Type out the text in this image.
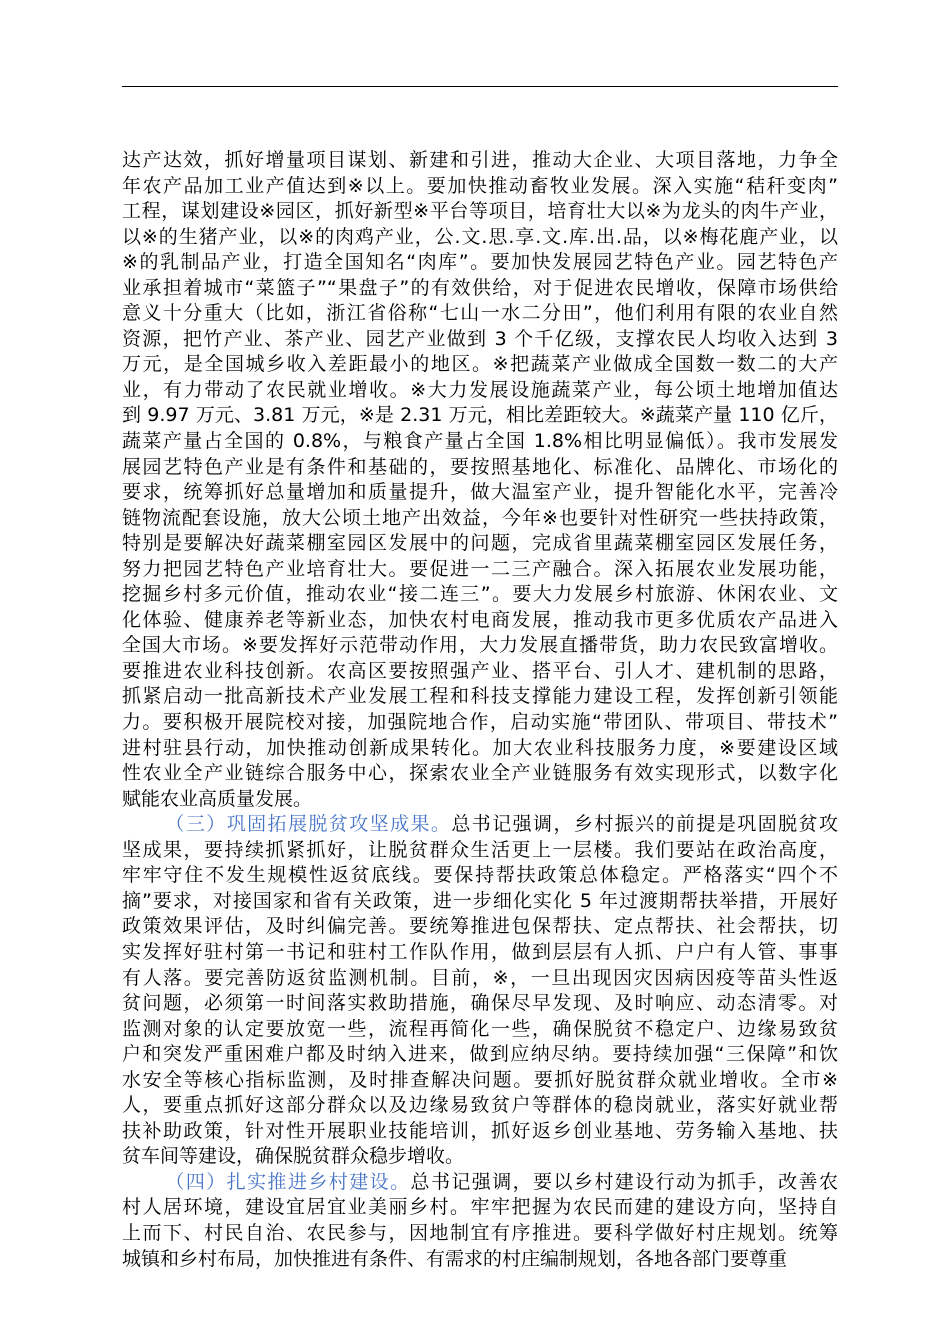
达产达效，抓好增量项目谋划、新建和引进，推动大企业、大项目落地，力争全
年农产品加工业产值达到※以上。要加快推动畜牧业发展。深入实施“秸秆变肉”
工程，谋划建设※园区，抓好新型※平台等项目，培育壮大以※为龙头的肉牛产业，
以※的生猪产业，以※的肉鸡产业，公.文.思.享.文.库.出.品，以※梅花鹿产业，以
※的乳制品产业，打造全国知名“肉库”。要加快发展园艺特色产业。园艺特色产
业承担着城市“菜篮子”“果盘子”的有效供给，对于促进农民增收，保障市场供给
意义十分重大（比如，浙江省俗称“七山一水二分田”，他们利用有限的农业自然
资源，把竹产业、茶产业、园艺产业做到 3 个千亿级，支撑农民人均收入达到 3
万元，是全国城乡收入差距最小的地区。※把蔬菜产业做成全国数一数二的大产
业，有力带动了农民就业增收。※大力发展设施蔬菜产业，每公顷土地增加值达
到 9.97 万元、3.81 万元，※是 2.31 万元，相比差距较大。※蔬菜产量 110 亿斤，
蔬菜产量占全国的 0.8%，与粮食产量占全国 1.8%相比明显偏低）。我市发展发
展园艺特色产业是有条件和基础的，要按照基地化、标准化、品牌化、市场化的
要求，统筹抓好总量增加和质量提升，做大温室产业，提升智能化水平，完善冷
链物流配套设施，放大公顷土地产出效益，今年※也要针对性研究一些扶持政策，
特别是要解决好蔬菜棚室园区发展中的问题，完成省里蔬菜棚室园区发展任务，
努力把园艺特色产业培育壮大。要促进一二三产融合。深入拓展农业发展功能，
挖掘乡村多元价值，推动农业“接二连三”。要大力发展乡村旅游、休闲农业、文
化体验、健康养老等新业态，加快农村电商发展，推动我市更多优质农产品进入
全国大市场。※要发挥好示范带动作用，大力发展直播带货，助力农民致富增收。
要推进农业科技创新。农高区要按照强产业、搭平台、引人才、建机制的思路，
抓紧启动一批高新技术产业发展工程和科技支撑能力建设工程，发挥创新引领能
力。要积极开展院校对接，加强院地合作，启动实施“带团队、带项目、带技术”
进村驻县行动，加快推动创新成果转化。加大农业科技服务力度，※要建设区域
性农业全产业链综合服务中心，探索农业全产业链服务有效实现形式，以数字化
赋能农业高质量发展。
（三）巩固拓展脱贫攻坚成果。总书记强调，乡村振兴的前提是巩固脱贫攻
坚成果，要持续抓紧抓好，让脱贫群众生活更上一层楼。我们要站在政治高度，
牢牢守住不发生规模性返贫底线。要保持帮扶政策总体稳定。严格落实“四个不
摘”要求，对接国家和省有关政策，进一步细化实化 5 年过渡期帮扶举措，开展好
政策效果评估，及时纠偏完善。要统筹推进包保帮扶、定点帮扶、社会帮扶，切
实发挥好驻村第一书记和驻村工作队作用，做到层层有人抓、户户有人管、事事
有人落。要完善防返贫监测机制。目前，※，一旦出现因灾因病因疫等苗头性返
贫问题，必须第一时间落实救助措施，确保尽早发现、及时响应、动态清零。对
监测对象的认定要放宽一些，流程再简化一些，确保脱贫不稳定户、边缘易致贫
户和突发严重困难户都及时纳入进来，做到应纳尽纳。要持续加强“三保障”和饮
水安全等核心指标监测，及时排查解决问题。要抓好脱贫群众就业增收。全市※
人，要重点抓好这部分群众以及边缘易致贫户等群体的稳岗就业，落实好就业帮
扶补助政策，针对性开展职业技能培训，抓好返乡创业基地、劳务输入基地、扶
贫车间等建设，确保脱贫群众稳步增收。
（四）扎实推进乡村建设。总书记强调，要以乡村建设行动为抓手，改善农
村人居环境，建设宜居宜业美丽乡村。牢牢把握为农民而建的建设方向，坚持自
上而下、村民自治、农民参与，因地制宜有序推进。要科学做好村庄规划。统筹
城镇和乡村布局，加快推进有条件、有需求的村庄编制规划，各地各部门要尊重
